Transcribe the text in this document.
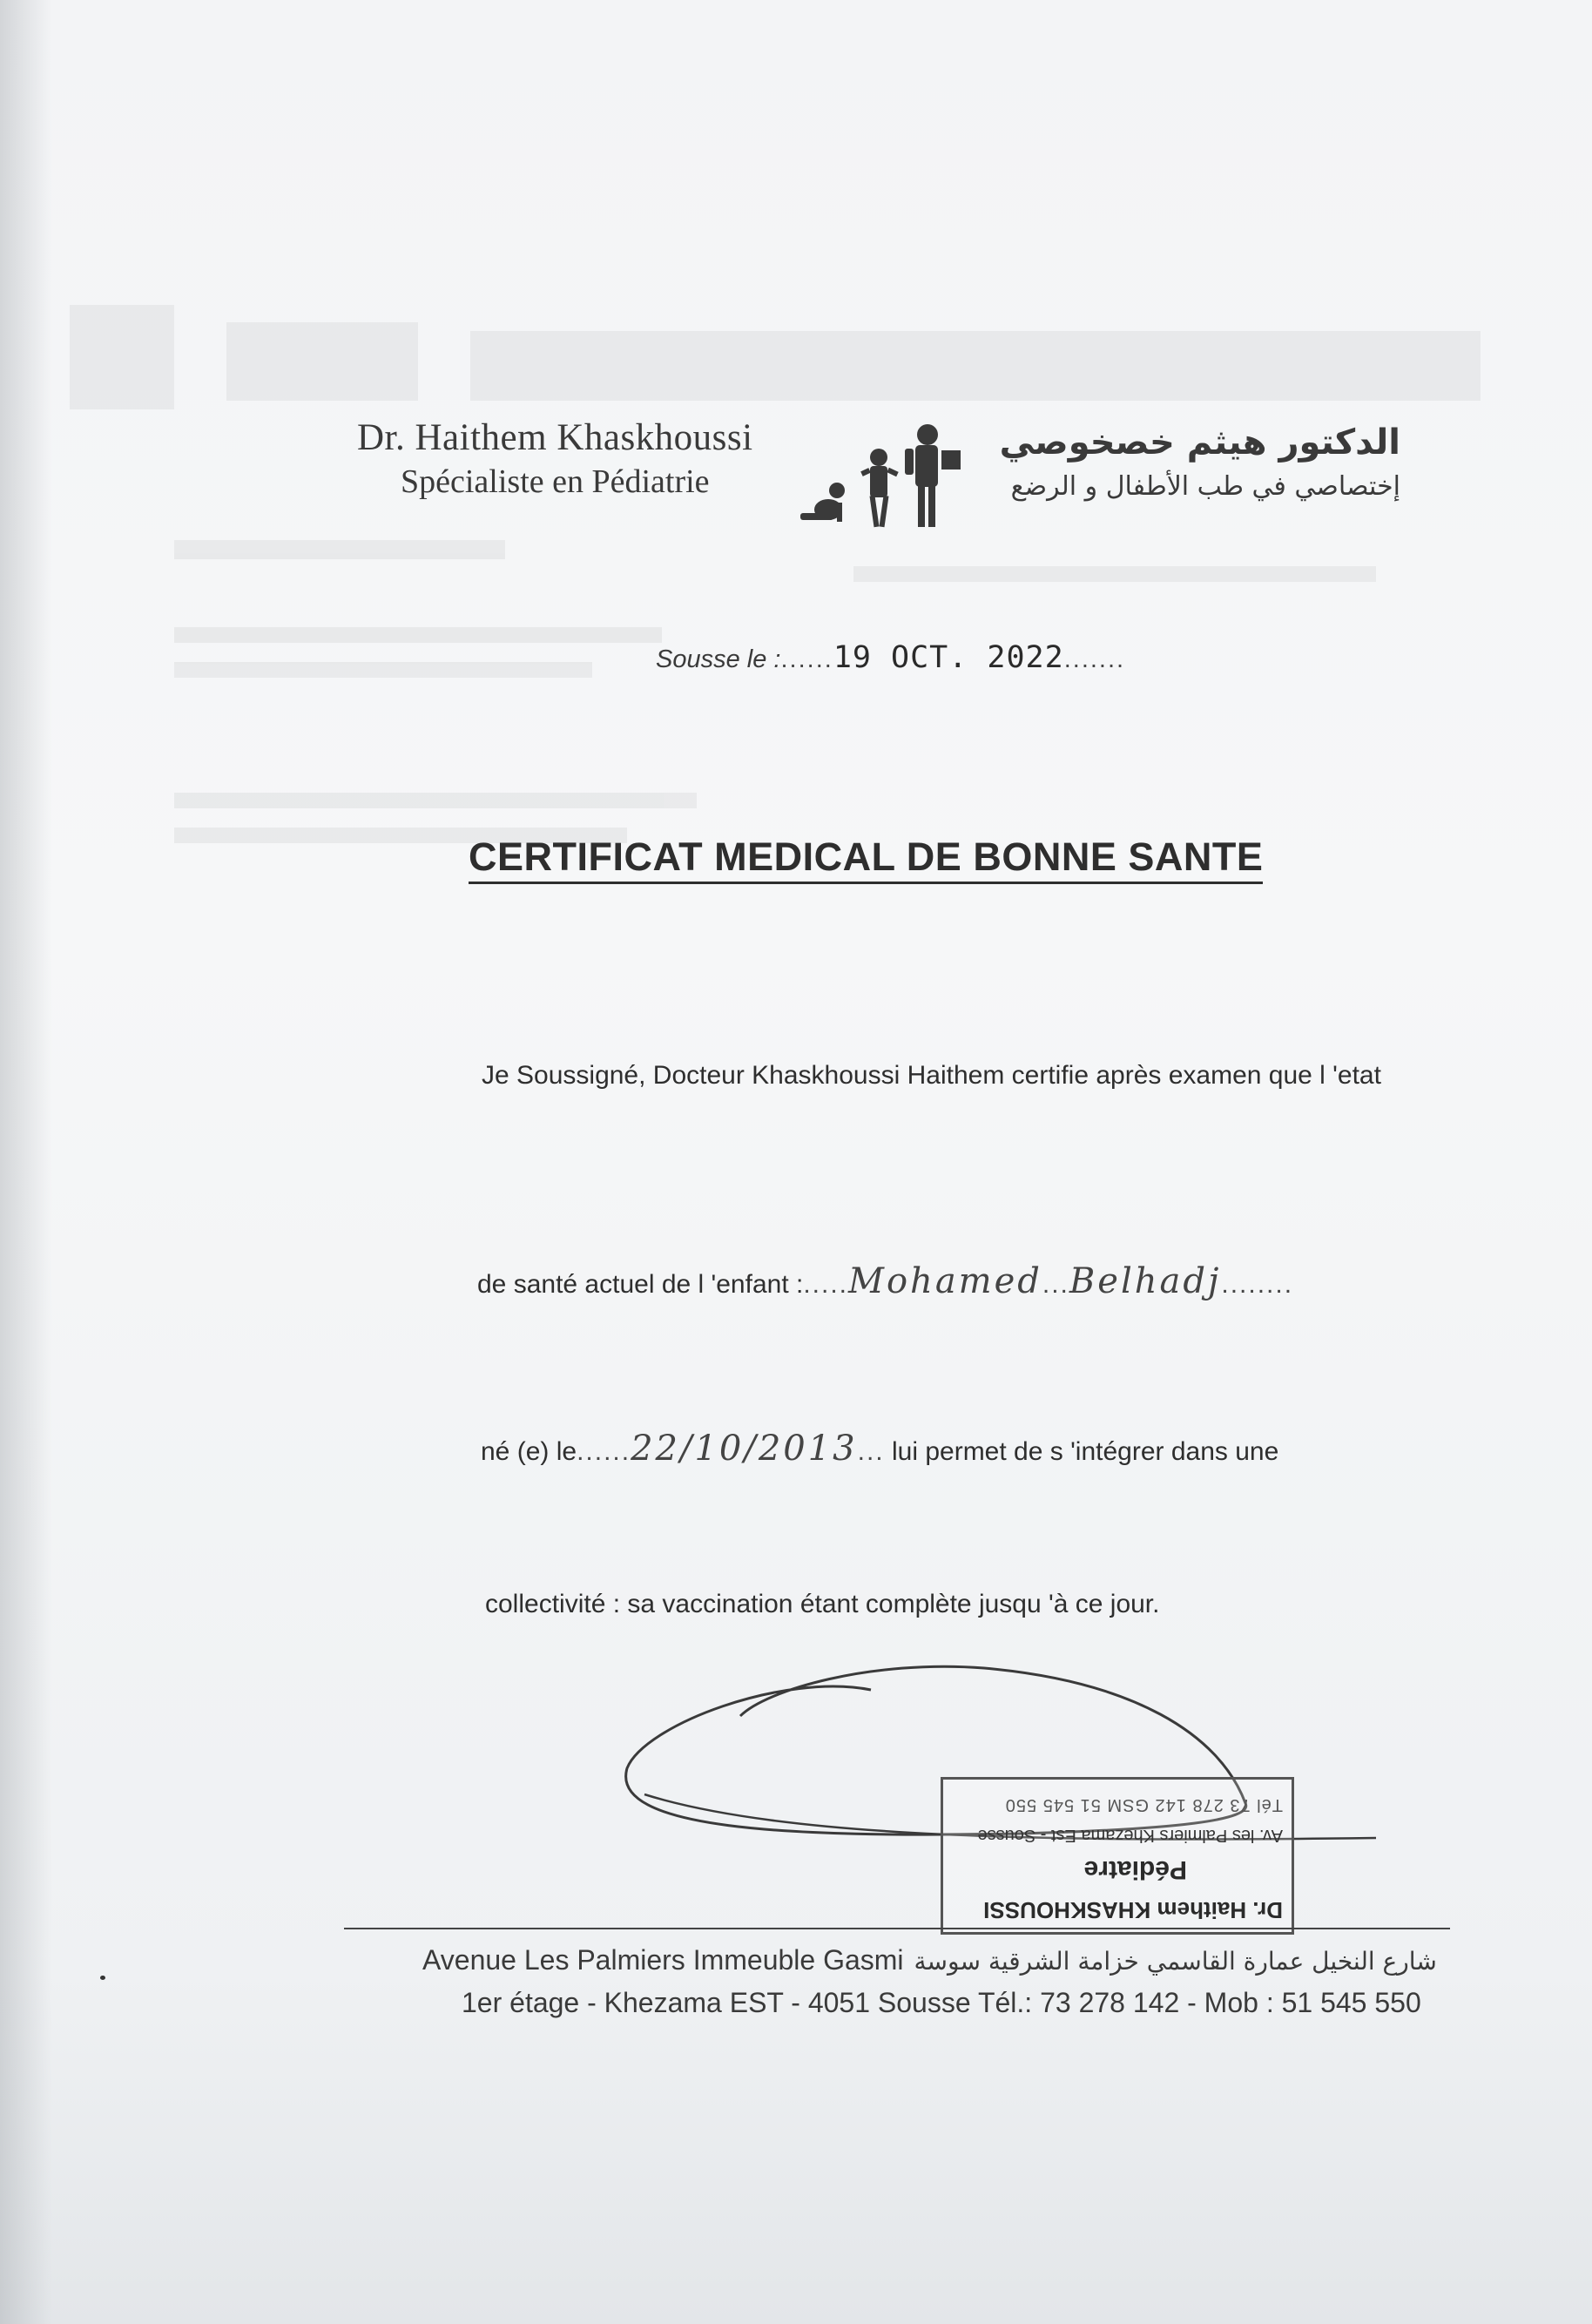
Dr. Haithem Khaskhoussi
Spécialiste en Pédiatrie
الدكتور هيثم خصخوصي
إختصاصي في طب الأطفال و الرضع
Sousse le :......19 OCT. 2022.......
CERTIFICAT MEDICAL DE BONNE SANTE
Je Soussigné, Docteur Khaskhoussi Haithem certifie après examen que l 'etat
de santé actuel de l 'enfant :.....Mohamed...Belhadj........
né (e) le......22/10/2013... lui permet de s 'intégrer dans une
collectivité : sa vaccination étant complète jusqu 'à ce jour.
Dr. Haithem KHASKHOUSSI
Pédiatre
Av. les Palmiers Khezama Est - Sousse
Tél 73 278 142 GSM 51 545 550
Avenue Les Palmiers Immeuble Gasmi شارع النخيل عمارة القاسمي خزامة الشرقية سوسة
1er étage - Khezama EST - 4051 Sousse Tél.: 73 278 142 - Mob : 51 545 550
